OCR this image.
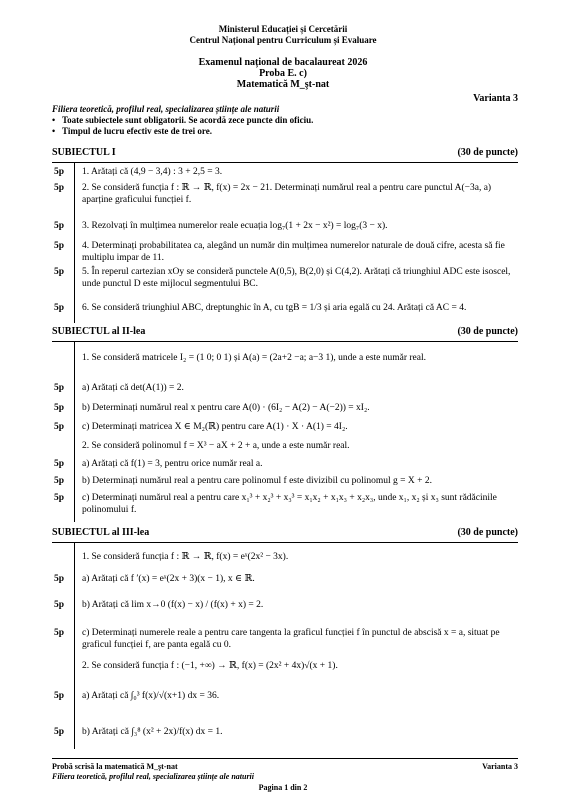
Ministerul Educației și Cercetării
Centrul Național pentru Curriculum și Evaluare
Examenul național de bacalaureat 2026
Proba E. c)
Matematică M_şt-nat
Varianta 3
Filiera teoretică, profilul real, specializarea științe ale naturii
• Toate subiectele sunt obligatorii. Se acordă zece puncte din oficiu.
• Timpul de lucru efectiv este de trei ore.
SUBIECTUL I	(30 de puncte)
5p	1. Arătați că (4,9 − 3,4) : 3 + 2,5 = 3.
5p	2. Se consideră funcția f : ℝ → ℝ, f(x) = 2x − 21. Determinați numărul real a pentru care punctul A(−3a, a) aparține graficului funcției f.
5p	3. Rezolvați în mulțimea numerelor reale ecuația log₇(1 + 2x − x²) = log₇(3 − x).
5p	4. Determinați probabilitatea ca, alegând un număr din mulțimea numerelor naturale de două cifre, acesta să fie multiplu impar de 11.
5p	5. În reperul cartezian xOy se consideră punctele A(0,5), B(2,0) și C(4,2). Arătați că triunghiul ADC este isoscel, unde punctul D este mijlocul segmentului BC.
5p	6. Se consideră triunghiul ABC, dreptunghic în A, cu tgB = 1/3 și aria egală cu 24. Arătați că AC = 4.
SUBIECTUL al II-lea	(30 de puncte)
1. Se consideră matricele I₂ = (1 0; 0 1) și A(a) = (2a+2 −a; a−3 1), unde a este număr real.
5p	a) Arătați că det(A(1)) = 2.
5p	b) Determinați numărul real x pentru care A(0) · (6I₂ − A(2) − A(−2)) = xI₂.
5p	c) Determinați matricea X ∈ M₂(ℝ) pentru care A(1) · X · A(1) = 4I₂.
2. Se consideră polinomul f = X³ − aX + 2 + a, unde a este număr real.
5p	a) Arătați că f(1) = 3, pentru orice număr real a.
5p	b) Determinați numărul real a pentru care polinomul f este divizibil cu polinomul g = X + 2.
5p	c) Determinați numărul real a pentru care x₁³ + x₂³ + x₃³ = x₁x₂ + x₁x₃ + x₂x₃, unde x₁, x₂ și x₃ sunt rădăcinile polinomului f.
SUBIECTUL al III-lea	(30 de puncte)
1. Se consideră funcția f : ℝ → ℝ, f(x) = eˣ(2x² − 3x).
5p	a) Arătați că f ′(x) = eˣ(2x + 3)(x − 1), x ∈ ℝ.
5p	b) Arătați că lim x→0 (f(x) − x) / (f(x) + x) = 2.
5p	c) Determinați numerele reale a pentru care tangenta la graficul funcției f în punctul de abscisă x = a, situat pe graficul funcției f, are panta egală cu 0.
2. Se consideră funcția f : (−1, +∞) → ℝ, f(x) = (2x² + 4x)√(x + 1).
5p	a) Arătați că ∫₀³ f(x)/√(x+1) dx = 36.
5p	b) Arătați că ∫₃⁸ (x² + 2x)/f(x) dx = 1.
Probă scrisă la matematică M_şt-nat	Varianta 3
Filiera teoretică, profilul real, specializarea științe ale naturii
Pagina 1 din 2
